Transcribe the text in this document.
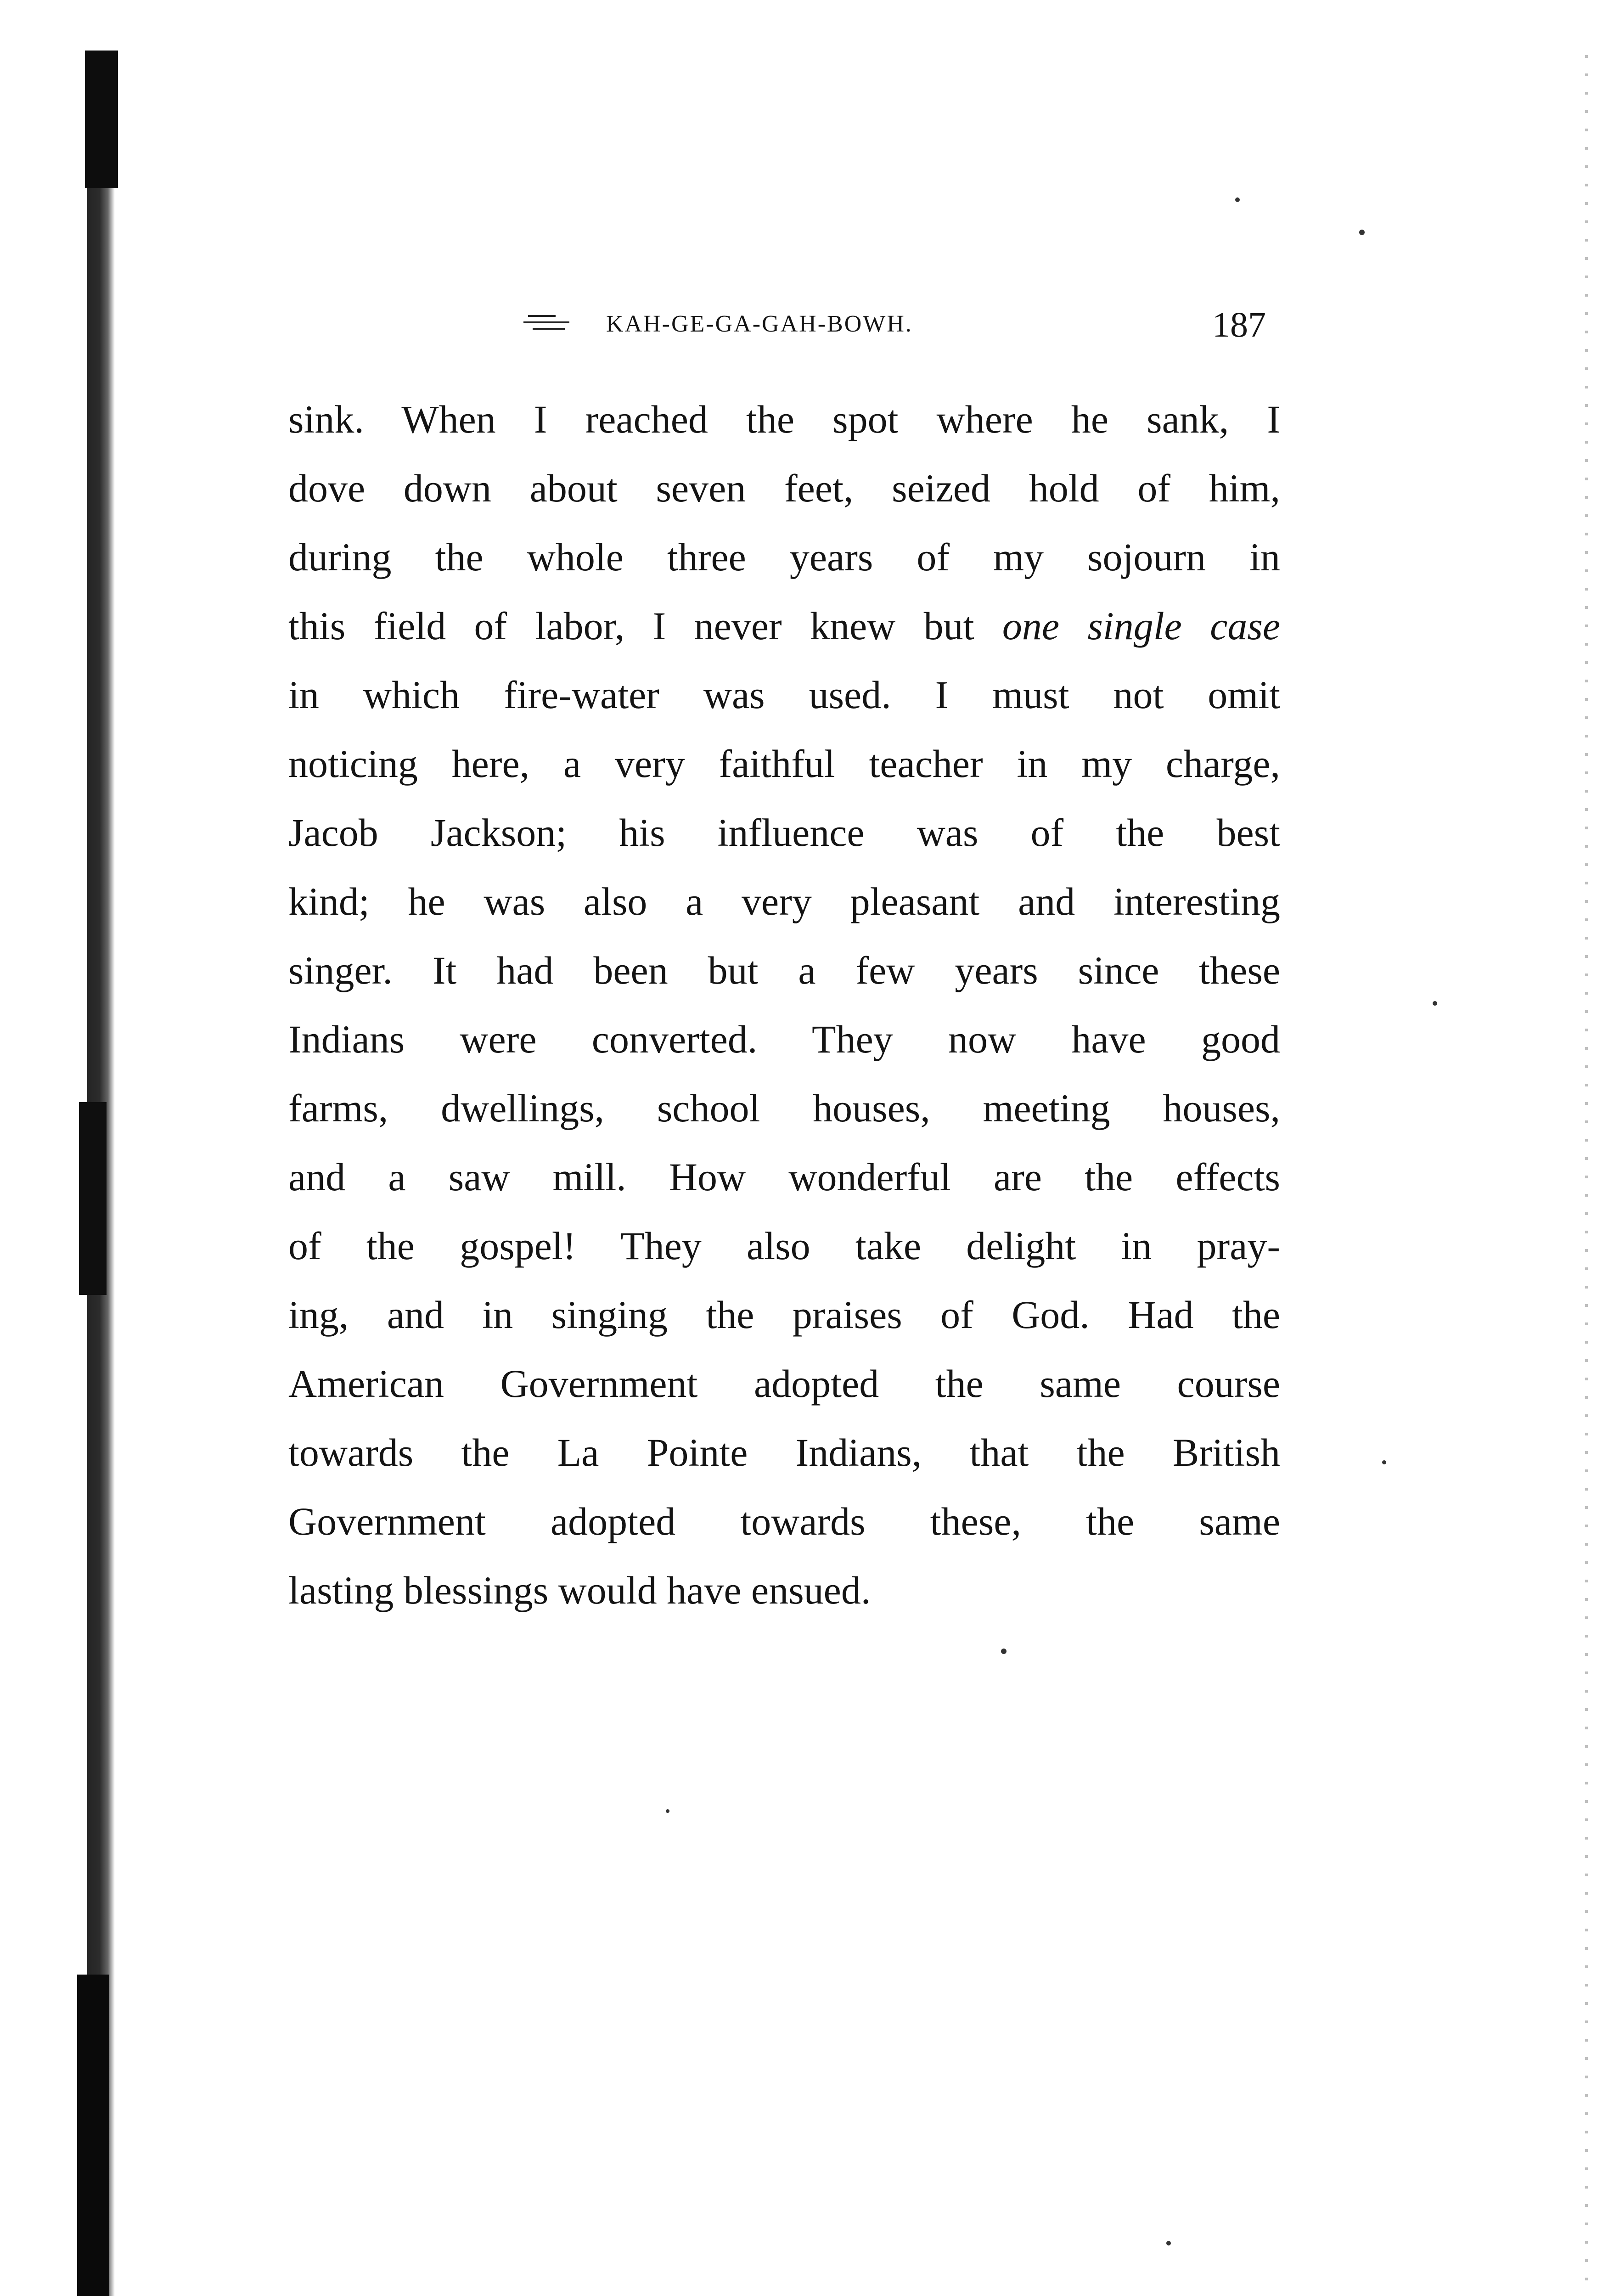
KAH-GE-GA-GAH-BOWH.	187
sink. When I reached the spot where he sank, I
dove down about seven feet, seized hold of him,
during the whole three years of my sojourn in
this field of labor, I never knew but one single case
in which fire-water was used. I must not omit
noticing here, a very faithful teacher in my charge,
Jacob Jackson; his influence was of the best
kind; he was also a very pleasant and interesting
singer. It had been but a few years since these
Indians were converted. They now have good
farms, dwellings, school houses, meeting houses,
and a saw mill. How wonderful are the effects
of the gospel! They also take delight in pray-
ing, and in singing the praises of God. Had the
American Government adopted the same course
towards the La Pointe Indians, that the British
Government adopted towards these, the same
lasting blessings would have ensued.
